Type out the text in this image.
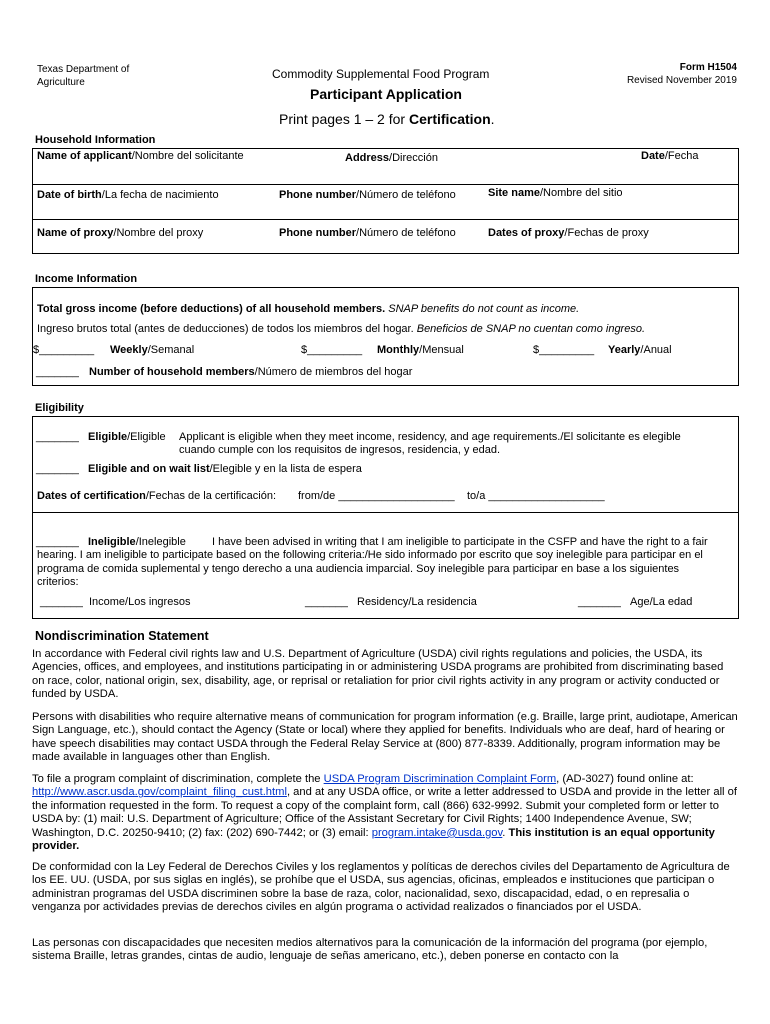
Texas Department of
Agriculture
Commodity Supplemental Food Program
Participant Application
Form H1504
Revised November 2019
Print pages 1 – 2 for Certification.
Household Information
Name of applicant/Nombre del solicitante	Address/Dirección	Date/Fecha
Date of birth/La fecha de nacimiento	Phone number/Número de teléfono	Site name/Nombre del sitio
Name of proxy/Nombre del proxy	Phone number/Número de teléfono	Dates of proxy/Fechas de proxy
Income Information
Total gross income (before deductions) of all household members. SNAP benefits do not count as income.
Ingreso brutos total (antes de deducciones) de todos los miembros del hogar. Beneficios de SNAP no cuentan como ingreso.
$_________ Weekly/Semanal	$_________ Monthly/Mensual	$_________ Yearly/Anual
_______ Number of household members/Número de miembros del hogar
Eligibility
_______ Eligible/Eligible Applicant is eligible when they meet income, residency, and age requirements./El solicitante es elegible
cuando cumple con los requisitos de ingresos, residencia, y edad.
_______ Eligible and on wait list/Elegible y en la lista de espera
Dates of certification/Fechas de la certificación: from/de ___________________ to/a ___________________
_______ Ineligible/Inelegible I have been advised in writing that I am ineligible to participate in the CSFP and have the right to a fair
hearing. I am ineligible to participate based on the following criteria:/He sido informado por escrito que soy inelegible para participar en el
programa de comida suplemental y tengo derecho a una audiencia imparcial. Soy inelegible para participar en base a los siguientes
criterios:
_______ Income/Los ingresos	_______ Residency/La residencia	_______ Age/La edad
Nondiscrimination Statement
In accordance with Federal civil rights law and U.S. Department of Agriculture (USDA) civil rights regulations and policies, the USDA, its Agencies, offices, and employees, and institutions participating in or administering USDA programs are prohibited from discriminating based on race, color, national origin, sex, disability, age, or reprisal or retaliation for prior civil rights activity in any program or activity conducted or funded by USDA.
Persons with disabilities who require alternative means of communication for program information (e.g. Braille, large print, audiotape, American Sign Language, etc.), should contact the Agency (State or local) where they applied for benefits. Individuals who are deaf, hard of hearing or have speech disabilities may contact USDA through the Federal Relay Service at (800) 877-8339. Additionally, program information may be made available in languages other than English.
To file a program complaint of discrimination, complete the USDA Program Discrimination Complaint Form, (AD-3027) found online at: http://www.ascr.usda.gov/complaint_filing_cust.html, and at any USDA office, or write a letter addressed to USDA and provide in the letter all of the information requested in the form. To request a copy of the complaint form, call (866) 632-9992. Submit your completed form or letter to USDA by: (1) mail: U.S. Department of Agriculture; Office of the Assistant Secretary for Civil Rights; 1400 Independence Avenue, SW; Washington, D.C. 20250-9410; (2) fax: (202) 690-7442; or (3) email: program.intake@usda.gov. This institution is an equal opportunity provider.
De conformidad con la Ley Federal de Derechos Civiles y los reglamentos y políticas de derechos civiles del Departamento de Agricultura de los EE. UU. (USDA, por sus siglas en inglés), se prohíbe que el USDA, sus agencias, oficinas, empleados e instituciones que participan o administran programas del USDA discriminen sobre la base de raza, color, nacionalidad, sexo, discapacidad, edad, o en represalia o venganza por actividades previas de derechos civiles en algún programa o actividad realizados o financiados por el USDA.
Las personas con discapacidades que necesiten medios alternativos para la comunicación de la información del programa (por ejemplo, sistema Braille, letras grandes, cintas de audio, lenguaje de señas americano, etc.), deben ponerse en contacto con la
